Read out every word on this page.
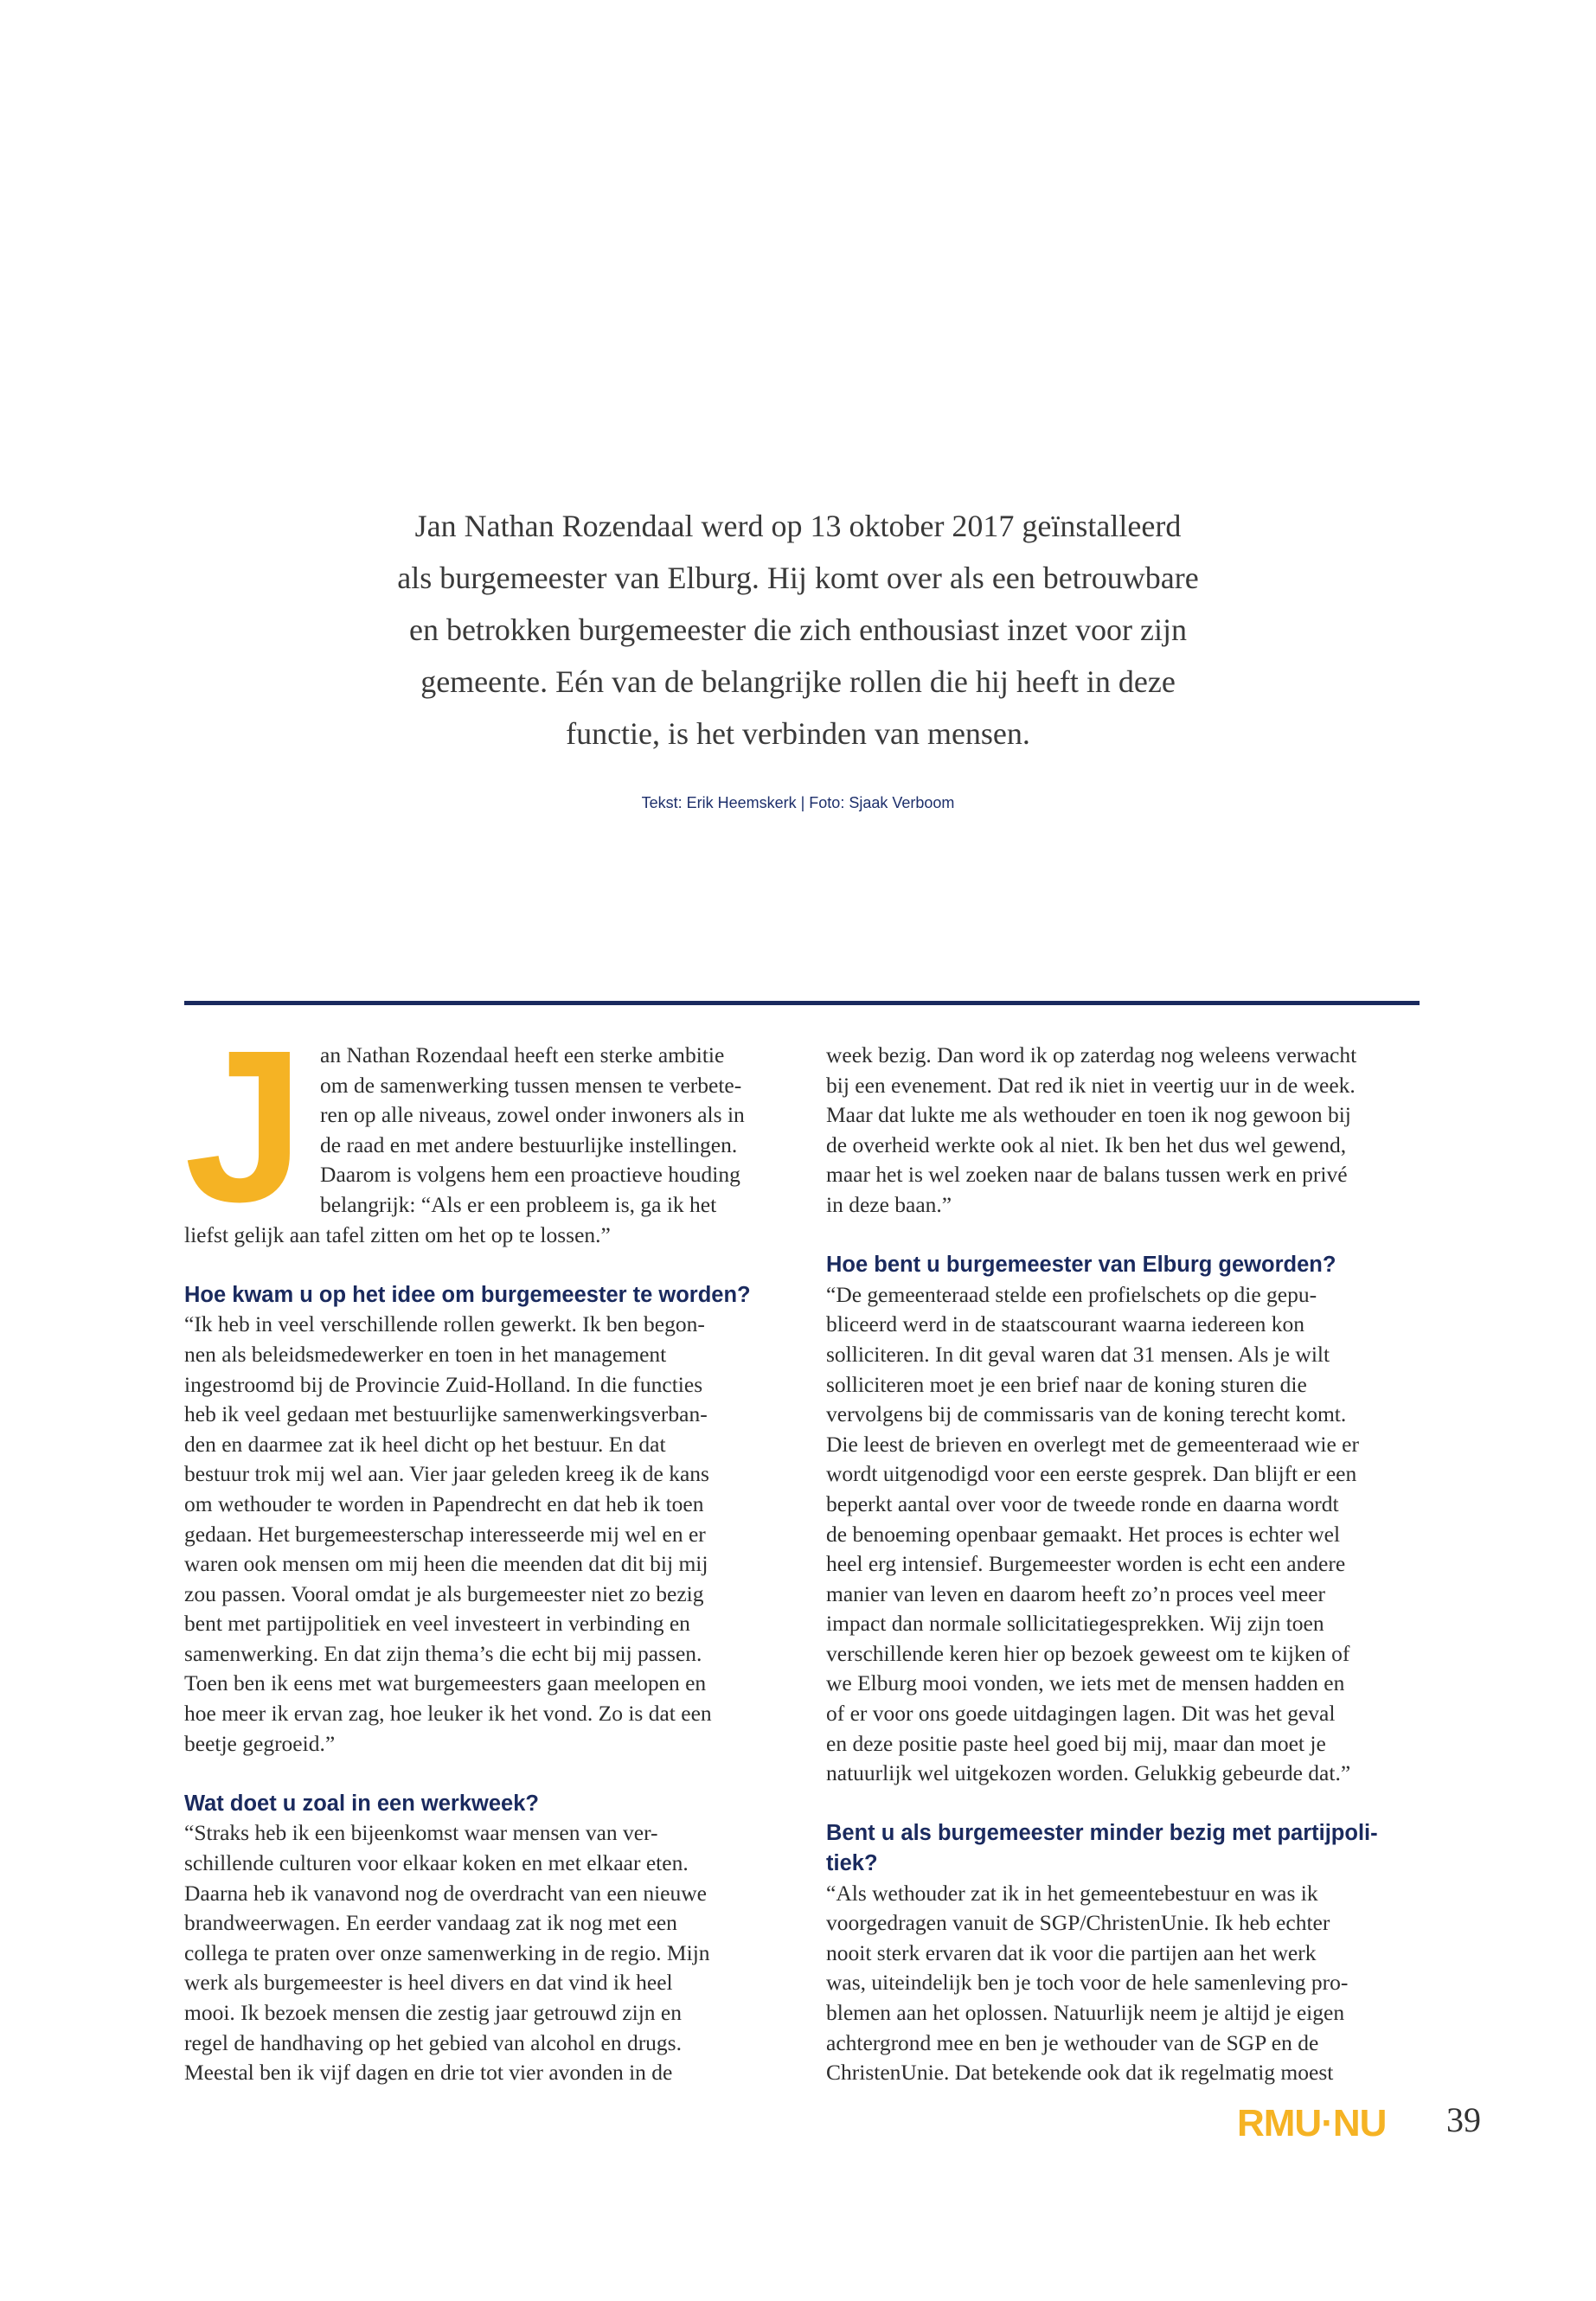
Jan Nathan Rozendaal werd op 13 oktober 2017 geïnstalleerd
als burgemeester van Elburg. Hij komt over als een betrouwbare
en betrokken burgemeester die zich enthousiast inzet voor zijn
gemeente. Eén van de belangrijke rollen die hij heeft in deze
functie, is het verbinden van mensen.
Tekst: Erik Heemskerk | Foto: Sjaak Verboom
J an Nathan Rozendaal heeft een sterke ambitie

om de samenwerking tussen mensen te verbete-

ren op alle niveaus, zowel onder inwoners als in

de raad en met andere bestuurlijke instellingen.

Daarom is volgens hem een proactieve houding

belangrijk: “Als er een probleem is, ga ik het

liefst gelijk aan tafel zitten om het op te lossen.”

Hoe kwam u op het idee om burgemeester te worden?

“Ik heb in veel verschillende rollen gewerkt. Ik ben begon-

nen als beleidsmedewerker en toen in het management

ingestroomd bij de Provincie Zuid-Holland. In die functies

heb ik veel gedaan met bestuurlijke samenwerkingsverban-

den en daarmee zat ik heel dicht op het bestuur. En dat

bestuur trok mij wel aan. Vier jaar geleden kreeg ik de kans

om wethouder te worden in Papendrecht en dat heb ik toen

gedaan. Het burgemeesterschap interesseerde mij wel en er

waren ook mensen om mij heen die meenden dat dit bij mij

zou passen. Vooral omdat je als burgemeester niet zo bezig

bent met partijpolitiek en veel investeert in verbinding en

samenwerking. En dat zijn thema’s die echt bij mij passen.

Toen ben ik eens met wat burgemeesters gaan meelopen en

hoe meer ik ervan zag, hoe leuker ik het vond. Zo is dat een

beetje gegroeid.”

Wat doet u zoal in een werkweek?

“Straks heb ik een bijeenkomst waar mensen van ver-

schillende culturen voor elkaar koken en met elkaar eten.

Daarna heb ik vanavond nog de overdracht van een nieuwe

brandweerwagen. En eerder vandaag zat ik nog met een

collega te praten over onze samenwerking in de regio. Mijn

werk als burgemeester is heel divers en dat vind ik heel

mooi. Ik bezoek mensen die zestig jaar getrouwd zijn en

regel de handhaving op het gebied van alcohol en drugs.

Meestal ben ik vijf dagen en drie tot vier avonden in de

week bezig. Dan word ik op zaterdag nog weleens verwacht

bij een evenement. Dat red ik niet in veertig uur in de week.

Maar dat lukte me als wethouder en toen ik nog gewoon bij

de overheid werkte ook al niet. Ik ben het dus wel gewend,

maar het is wel zoeken naar de balans tussen werk en privé

in deze baan.”

Hoe bent u burgemeester van Elburg geworden?

“De gemeenteraad stelde een profielschets op die gepu-

bliceerd werd in de staatscourant waarna iedereen kon

solliciteren. In dit geval waren dat 31 mensen. Als je wilt

solliciteren moet je een brief naar de koning sturen die

vervolgens bij de commissaris van de koning terecht komt.

Die leest de brieven en overlegt met de gemeenteraad wie er

wordt uitgenodigd voor een eerste gesprek. Dan blijft er een

beperkt aantal over voor de tweede ronde en daarna wordt

de benoeming openbaar gemaakt. Het proces is echter wel

heel erg intensief. Burgemeester worden is echt een andere

manier van leven en daarom heeft zo’n proces veel meer

impact dan normale sollicitatiegesprekken. Wij zijn toen

verschillende keren hier op bezoek geweest om te kijken of

we Elburg mooi vonden, we iets met de mensen hadden en

of er voor ons goede uitdagingen lagen. Dit was het geval

en deze positie paste heel goed bij mij, maar dan moet je

natuurlijk wel uitgekozen worden. Gelukkig gebeurde dat.”

Bent u als burgemeester minder bezig met partijpoli-
tiek?

“Als wethouder zat ik in het gemeentebestuur en was ik

voorgedragen vanuit de SGP/ChristenUnie. Ik heb echter

nooit sterk ervaren dat ik voor die partijen aan het werk

was, uiteindelijk ben je toch voor de hele samenleving pro-

blemen aan het oplossen. Natuurlijk neem je altijd je eigen

achtergrond mee en ben je wethouder van de SGP en de

ChristenUnie. Dat betekende ook dat ik regelmatig moest

RMU·NU 39
